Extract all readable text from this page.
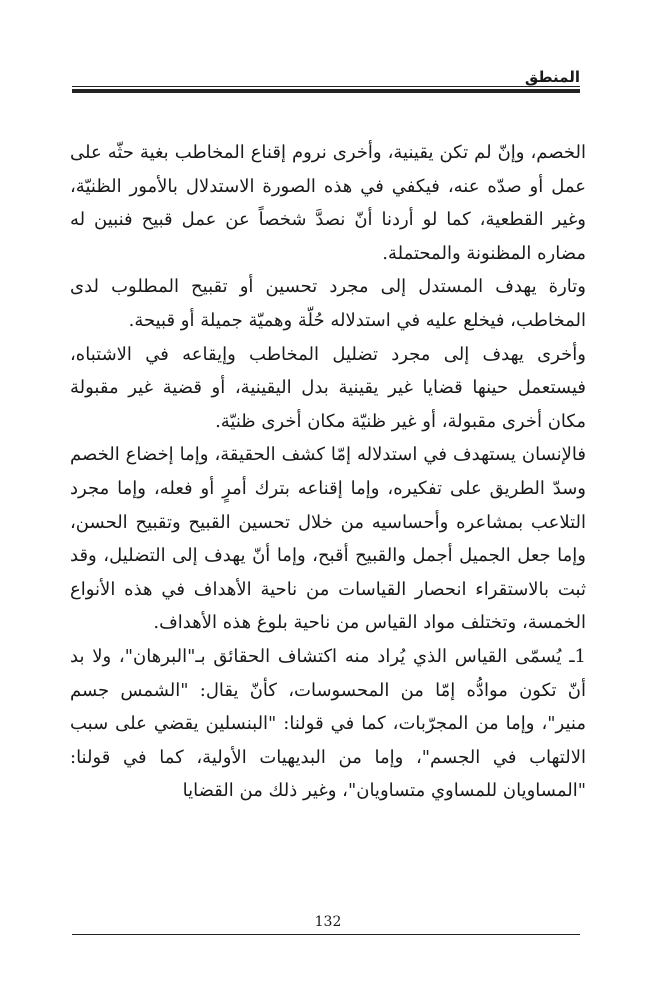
المنطق

الخصم، وإنّ لم تكن يقينية، وأخرى نروم إقناع المخاطب بغية حثّه على عمل أو صدّه عنه، فيكفي في هذه الصورة الاستدلال بالأمور الظنيّة، وغير القطعية، كما لو أردنا أنّ نصدَّ شخصاً عن عمل قبيح فنبين له مضاره المظنونة والمحتملة.

وتارة يهدف المستدل إلى مجرد تحسين أو تقبيح المطلوب لدى المخاطب، فيخلع عليه في استدلاله حُلّة وهميّة جميلة أو قبيحة.

وأخرى يهدف إلى مجرد تضليل المخاطب وإيقاعه في الاشتباه، فيستعمل حينها قضايا غير يقينية بدل اليقينية، أو قضية غير مقبولة مكان أخرى مقبولة، أو غير ظنيّة مكان أخرى ظنيّة.

فالإنسان يستهدف في استدلاله إمّا كشف الحقيقة، وإما إخضاع الخصم وسدّ الطريق على تفكيره، وإما إقناعه بترك أمرٍ أو فعله، وإما مجرد التلاعب بمشاعره وأحساسيه من خلال تحسين القبيح وتقبيح الحسن، وإما جعل الجميل أجمل والقبيح أقبح، وإما أنّ يهدف إلى التضليل، وقد ثبت بالاستقراء انحصار القياسات من ناحية الأهداف في هذه الأنواع الخمسة، وتختلف مواد القياس من ناحية بلوغ هذه الأهداف.

1ـ يُسمّى القياس الذي يُراد منه اكتشاف الحقائق بـ"البرهان"، ولا بد أنّ تكون موادُّه إمّا من المحسوسات، كأنّ يقال: "الشمس جسم منير"، وإما من المجرّبات، كما في قولنا: "البنسلين يقضي على سبب الالتهاب في الجسم"، وإما من البديهيات الأولية، كما في قولنا: "المساويان للمساوي متساويان"، وغير ذلك من القضايا

132
